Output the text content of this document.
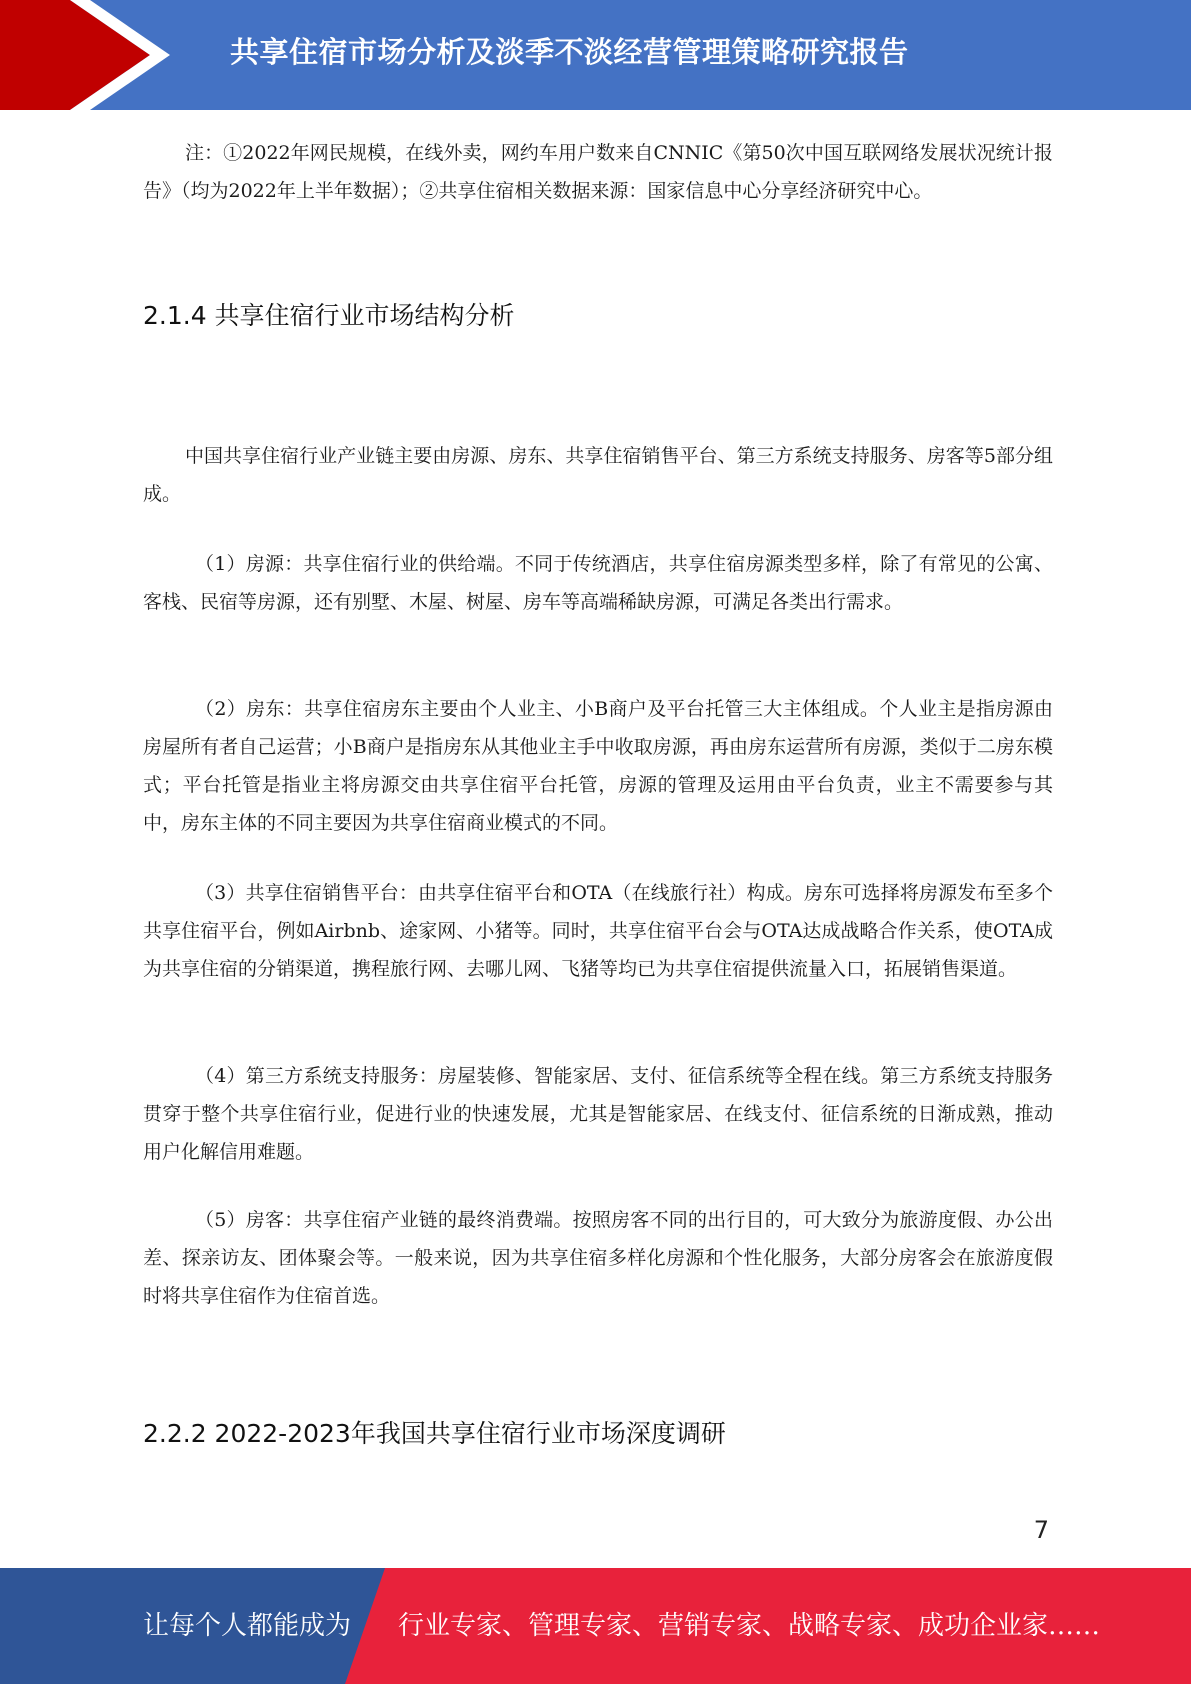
共享住宿市场分析及淡季不淡经营管理策略研究报告

注：①2022年网民规模，在线外卖，网约车用户数来自CNNIC《第50次中国互联网络发展状况统计报告》（均为2022年上半年数据）；②共享住宿相关数据来源：国家信息中心分享经济研究中心。

2.1.4 共享住宿行业市场结构分析

中国共享住宿行业产业链主要由房源、房东、共享住宿销售平台、第三方系统支持服务、房客等5部分组成。

（1）房源：共享住宿行业的供给端。不同于传统酒店，共享住宿房源类型多样，除了有常见的公寓、客栈、民宿等房源，还有别墅、木屋、树屋、房车等高端稀缺房源，可满足各类出行需求。

（2）房东：共享住宿房东主要由个人业主、小B商户及平台托管三大主体组成。个人业主是指房源由房屋所有者自己运营；小B商户是指房东从其他业主手中收取房源，再由房东运营所有房源，类似于二房东模式；平台托管是指业主将房源交由共享住宿平台托管，房源的管理及运用由平台负责，业主不需要参与其中，房东主体的不同主要因为共享住宿商业模式的不同。

（3）共享住宿销售平台：由共享住宿平台和OTA（在线旅行社）构成。房东可选择将房源发布至多个共享住宿平台，例如Airbnb、途家网、小猪等。同时，共享住宿平台会与OTA达成战略合作关系，使OTA成为共享住宿的分销渠道，携程旅行网、去哪儿网、飞猪等均已为共享住宿提供流量入口，拓展销售渠道。

（4）第三方系统支持服务：房屋装修、智能家居、支付、征信系统等全程在线。第三方系统支持服务贯穿于整个共享住宿行业，促进行业的快速发展，尤其是智能家居、在线支付、征信系统的日渐成熟，推动用户化解信用难题。

（5）房客：共享住宿产业链的最终消费端。按照房客不同的出行目的，可大致分为旅游度假、办公出差、探亲访友、团体聚会等。一般来说，因为共享住宿多样化房源和个性化服务，大部分房客会在旅游度假时将共享住宿作为住宿首选。

2.2.2 2022-2023年我国共享住宿行业市场深度调研
7
让每个人都能成为 行业专家、管理专家、营销专家、战略专家、成功企业家……
